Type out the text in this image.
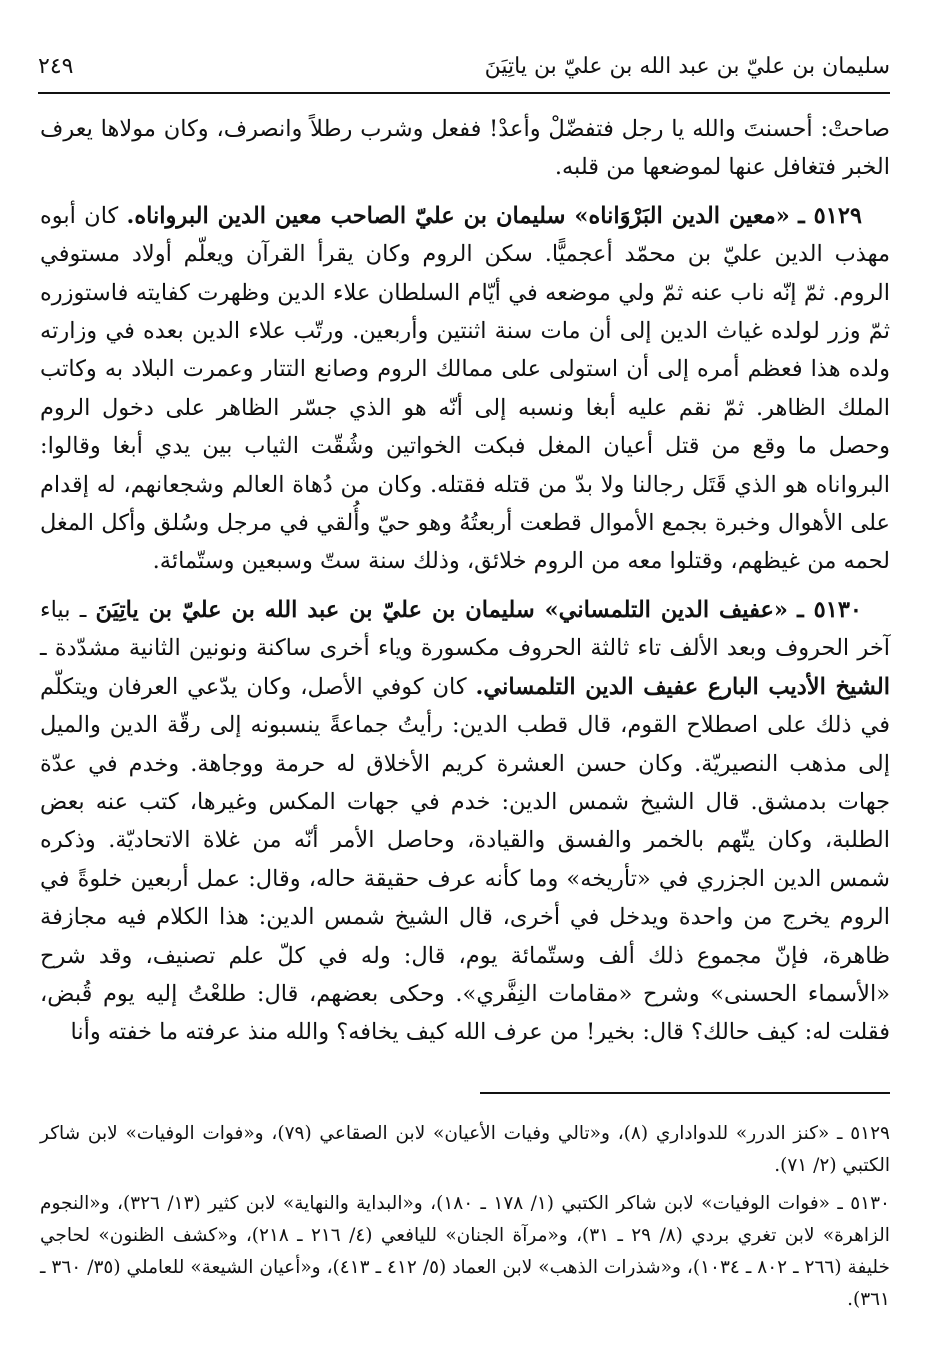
سليمان بن عليّ بن عبد الله بن عليّ بن ياتِيَنَ
٢٤٩

صاحتْ: أحسنتَ والله يا رجل فتفضّلْ وأعدْ! ففعل وشرب رطلاً وانصرف، وكان مولاها يعرف الخبر فتغافل عنها لموضعها من قلبه.

٥١٢٩ ـ «معين الدين البَرْوَاناه» سليمان بن عليّ الصاحب معين الدين البرواناه. كان أبوه مهذب الدين عليّ بن محمّد أعجميًّا. سكن الروم وكان يقرأ القرآن ويعلّم أولاد مستوفي الروم. ثمّ إنّه ناب عنه ثمّ ولي موضعه في أيّام السلطان علاء الدين وظهرت كفايته فاستوزره ثمّ وزر لولده غياث الدين إلى أن مات سنة اثنتين وأربعين. ورتّب علاء الدين بعده في وزارته ولده هذا فعظم أمره إلى أن استولى على ممالك الروم وصانع التتار وعمرت البلاد به وكاتب الملك الظاهر. ثمّ نقم عليه أبغا ونسبه إلى أنّه هو الذي جسّر الظاهر على دخول الروم وحصل ما وقع من قتل أعيان المغل فبكت الخواتين وشُقّت الثياب بين يدي أبغا وقالوا: البرواناه هو الذي قَتَل رجالنا ولا بدّ من قتله فقتله. وكان من دُهاة العالم وشجعانهم، له إقدام على الأهوال وخبرة بجمع الأموال قطعت أربعتُهُ وهو حيّ وأُلقي في مرجل وسُلق وأكل المغل لحمه من غيظهم، وقتلوا معه من الروم خلائق، وذلك سنة ستّ وسبعين وستّمائة.

٥١٣٠ ـ «عفيف الدين التلمساني» سليمان بن عليّ بن عبد الله بن عليّ بن ياتِيَنَ ـ بياء آخر الحروف وبعد الألف تاء ثالثة الحروف مكسورة وياء أخرى ساكنة ونونين الثانية مشدّدة ـ الشيخ الأديب البارع عفيف الدين التلمساني. كان كوفي الأصل، وكان يدّعي العرفان ويتكلّم في ذلك على اصطلاح القوم، قال قطب الدين: رأيتُ جماعةً ينسبونه إلى رقّة الدين والميل إلى مذهب النصيريّة. وكان حسن العشرة كريم الأخلاق له حرمة ووجاهة. وخدم في عدّة جهات بدمشق. قال الشيخ شمس الدين: خدم في جهات المكس وغيرها، كتب عنه بعض الطلبة، وكان يتّهم بالخمر والفسق والقيادة، وحاصل الأمر أنّه من غلاة الاتحاديّة. وذكره شمس الدين الجزري في «تأريخه» وما كأنه عرف حقيقة حاله، وقال: عمل أربعين خلوةً في الروم يخرج من واحدة ويدخل في أخرى، قال الشيخ شمس الدين: هذا الكلام فيه مجازفة ظاهرة، فإنّ مجموع ذلك ألف وستّمائة يوم، قال: وله في كلّ علم تصنيف، وقد شرح «الأسماء الحسنى» وشرح «مقامات النِفَّري». وحكى بعضهم، قال: طلعْتُ إليه يوم قُبض، فقلت له: كيف حالك؟ قال: بخير! من عرف الله كيف يخافه؟ والله منذ عرفته ما خفته وأنا

٥١٢٩ ـ «كنز الدرر» للدواداري (٨)، و«تالي وفيات الأعيان» لابن الصقاعي (٧٩)، و«فوات الوفيات» لابن شاكر الكتبي (٢/ ٧١).

٥١٣٠ ـ «فوات الوفيات» لابن شاكر الكتبي (١/ ١٧٨ ـ ١٨٠)، و«البداية والنهاية» لابن كثير (١٣/ ٣٢٦)، و«النجوم الزاهرة» لابن تغري بردي (٨/ ٢٩ ـ ٣١)، و«مرآة الجنان» لليافعي (٤/ ٢١٦ ـ ٢١٨)، و«كشف الظنون» لحاجي خليفة (٢٦٦ ـ ٨٠٢ ـ ١٠٣٤)، و«شذرات الذهب» لابن العماد (٥/ ٤١٢ ـ ٤١٣)، و«أعيان الشيعة» للعاملي (٣٥/ ٣٦٠ ـ ٣٦١).
